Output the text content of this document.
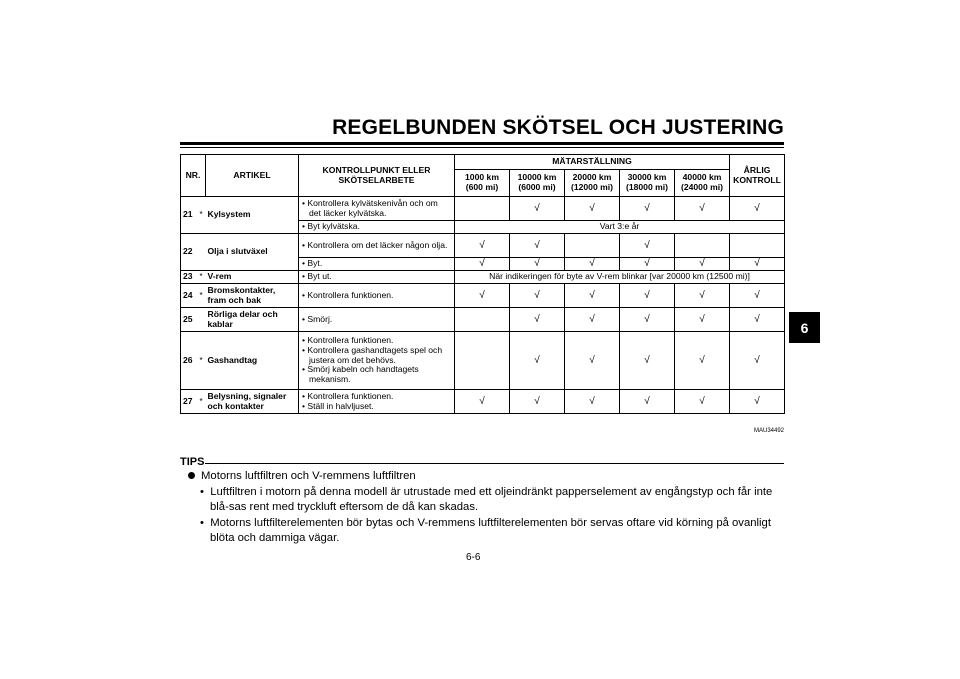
REGELBUNDEN SKÖTSEL OCH JUSTERING
6
NR.		ARTIKEL	KONTROLLPUNKT ELLER SKÖTSELARBETE	MÄTARSTÄLLNING					ÅRLIG KONTROLL
				1000 km (600 mi)	10000 km (6000 mi)	20000 km (12000 mi)	30000 km (18000 mi)	40000 km (24000 mi)	
21	*	Kylsystem	• Kontrollera kylvätskenivån och om det läcker kylvätska.		√	√	√	√	√

			• Byt kylvätska.	Vart 3:e år					
22		Olja i slutväxel	• Kontrollera om det läcker någon olja.	√	√		√		

			• Byt.	√	√	√	√	√	√
23	*	V-rem	• Byt ut.	När indikeringen för byte av V-rem blinkar [var 20000 km (12500 mi)]					
24	*	Bromskontakter, fram och bak	• Kontrollera funktionen.	√	√	√	√	√	√
25		Rörliga delar och kablar	• Smörj.		√	√	√	√	√
26	*	Gashandtag	• Kontrollera funktionen.
• Kontrollera gashandtagets spel och justera om det behövs.
• Smörj kabeln och handtagets mekanism.		√	√	√	√	√
27	*	Belysning, signaler och kontakter	• Kontrollera funktionen.
• Ställ in halvljuset.	√	√	√	√	√	√
MAU34492
TIPS
Motorns luftfiltren och V-remmens luftfiltren
•  Luftfiltren i motorn på denna modell är utrustade med ett oljeindränkt papperselement av engångstyp och får inte blå-sas rent med tryckluft eftersom de då kan skadas.
•  Motorns luftfilterelementen bör bytas och V-remmens luftfilterelementen bör servas oftare vid körning på ovanligt blöta och dammiga vägar.
6-6
